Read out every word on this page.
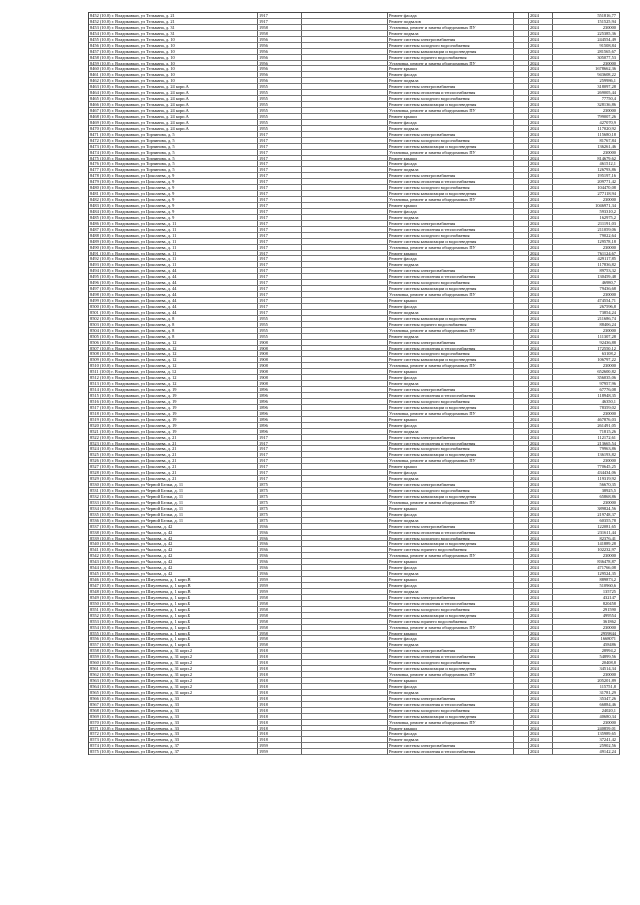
8452 (10.0) г. Владикавказ, ул Тельмана, д. 21	1917	Ремонт фасада	2024	551816,77
8452 (10.0) г. Владикавказ, ул Тельмана, д. 21	1917	Ремонт подвалов	2024	151525,94
8453 (10.0) г. Владикавказ, ул Тельмана, д. 31	1958	Установка, ремонт и замена общедомовых ПУ	2024	230000
8454 (10.0) г. Владикавказ, ул Тельмана, д. 31	1958	Ремонт подвала	2024	225385,36
8455 (10.0) г. Владикавказ, ул Тельмана, д. 10	1956	Ремонт системы электроснабжения	2024	244554,49
8456 (10.0) г. Владикавказ, ул Тельмана, д. 10	1956	Ремонт системы холодного водоснабжения	2024	91508,84
8457 (10.0) г. Владикавказ, ул Тельмана, д. 10	1956	Ремонт системы канализации и водоотведения	2024	281565,67
8458 (10.0) г. Владикавказ, ул Тельмана, д. 10	1956	Ремонт системы горячего водоснабжения	2024	305077,53
8459 (10.0) г. Владикавказ, ул Тельмана, д. 10	1956	Установка, ремонт и замена общедомовых ПУ	2024	230000
8460 (10.0) г. Владикавказ, ул Тельмана, д. 10	1956	Ремонт крыши	2024	1678662,36
8461 (10.0) г. Владикавказ, ул Тельмана, д. 10	1956	Ремонт фасада	2024	943608,22
8462 (10.0) г. Владикавказ, ул Тельмана, д. 10	1956	Ремонт подвала	2024	259986,1
8463 (10.0) г. Владикавказ, ул Тельмана, д. 24 корп.А	1955	Ремонт системы электроснабжения	2024	318097,28
8464 (10.0) г. Владикавказ, ул Тельмана, д. 24 корп.А	1955	Ремонт системы отопления и теплоснабжения	2024	269005,44
8465 (10.0) г. Владикавказ, ул Тельмана, д. 24 корп.А	1955	Ремонт системы холодного водоснабжения	2024	77750,4
8466 (10.0) г. Владикавказ, ул Тельмана, д. 24 корп.А	1955	Ремонт системы канализации и водоотведения	2024	328136,86
8467 (10.0) г. Владикавказ, ул Тельмана, д. 24 корп.А	1955	Установка, ремонт и замена общедомовых ПУ	2024	230000
8468 (10.0) г. Владикавказ, ул Тельмана, д. 24 корп.А	1955	Ремонт крыши	2024	799007,26
8469 (10.0) г. Владикавказ, ул Тельмана, д. 24 корп.А	1955	Ремонт фасада	2024	427070,9
8470 (10.0) г. Владикавказ, ул Тельмана, д. 24 корп.А	1955	Ремонт подвала	2024	117020,92
8471 (10.0) г. Владикавказ, ул Торчинова, д. 5	1917	Ремонт системы электроснабжения	2024	115680,18
8472 (10.0) г. Владикавказ, ул Торчинова, д. 5	1917	Ремонт системы холодного водоснабжения	2024	81767,84
8473 (10.0) г. Владикавказ, ул Торчинова, д. 5	1917	Ремонт системы канализации и водоотведения	2024	136261,46
8474 (10.0) г. Владикавказ, ул Торчинова, д. 5	1917	Установка, ремонт и замена общедомовых ПУ	2024	230000
8475 (10.0) г. Владикавказ, ул Торчинова, д. 5	1917	Ремонт крыши	2024	814679,62
8476 (10.0) г. Владикавказ, ул Торчинова, д. 5	1917	Ремонт фасада	2024	461512,1
8477 (10.0) г. Владикавказ, ул Торчинова, д. 5	1917	Ремонт подвала	2024	126793,86
8478 (10.0) г. Владикавказ, ул Цоколаева, д. 9	1917	Ремонт системы электроснабжения	2024	195197,16
8479 (10.0) г. Владикавказ, ул Цоколаева, д. 9	1917	Ремонт системы отопления и теплоснабжения	2024	209771,42
8480 (10.0) г. Владикавказ, ул Цоколаева, д. 9	1917	Ремонт системы холодного водоснабжения	2024	104470,08
8481 (10.0) г. Владикавказ, ул Цоколаева, д. 9	1917	Ремонт системы канализации и водоотведения	2024	277118,94
8482 (10.0) г. Владикавказ, ул Цоколаева, д. 9	1917	Установка, ремонт и замена общедомовых ПУ	2024	230000
8483 (10.0) г. Владикавказ, ул Цоколаева, д. 9	1917	Ремонт крыши	2024	1046971,34
8484 (10.0) г. Владикавказ, ул Цоколаева, д. 9	1917	Ремонт фасада	2024	593310,2
8485 (10.0) г. Владикавказ, ул Цоколаева, д. 9	1917	Ремонт подвала	2024	162975,2
8486 (10.0) г. Владикавказ, ул Цоколаева, д. 11	1917	Ремонт системы электроснабжения	2024	211191,03
8487 (10.0) г. Владикавказ, ул Цоколаева, д. 11	1917	Ремонт системы отопления и теплоснабжения	2024	211059,06
8488 (10.0) г. Владикавказ, ул Цоколаева, д. 11	1917	Ремонт системы холодного водоснабжения	2024	79022,64
8489 (10.0) г. Владикавказ, ул Цоколаева, д. 11	1917	Ремонт системы канализации и водоотведения	2024	129578,18
8490 (10.0) г. Владикавказ, ул Цоколаева, д. 11	1917	Установка, ремонт и замена общедомовых ПУ	2024	230000
8491 (10.0) г. Владикавказ, ул Цоколаева, д. 11	1917	Ремонт крыши	2024	761124,67
8492 (10.0) г. Владикавказ, ул Цоколаева, д. 11	1917	Ремонт фасада	2024	429117,85
8493 (10.0) г. Владикавказ, ул Цоколаева, д. 11	1917	Ремонт подвала	2024	117836,82
8494 (10.0) г. Владикавказ, ул Цоколаева, д. 44	1917	Ремонт системы электроснабжения	2024	89753,32
8495 (10.0) г. Владикавказ, ул Цоколаева, д. 44	1917	Ремонт системы отопления и теплоснабжения	2024	130459,48
8496 (10.0) г. Владикавказ, ул Цоколаева, д. 44	1917	Ремонт системы холодного водоснабжения	2024	46980,7
8497 (10.0) г. Владикавказ, ул Цоколаева, д. 44	1917	Ремонт системы канализации и водоотведения	2024	79436,68
8498 (10.0) г. Владикавказ, ул Цоколаева, д. 44	1917	Установка, ремонт и замена общедомовых ПУ	2024	230000
8499 (10.0) г. Владикавказ, ул Цоколаева, д. 44	1917	Ремонт крыши	2024	474554,71
8500 (10.0) г. Владикавказ, ул Цоколаева, д. 44	1917	Ремонт фасада	2024	267596,8
8501 (10.0) г. Владикавказ, ул Цоколаева, д. 44	1917	Ремонт подвала	2024	73854,24
8502 (10.0) г. Владикавказ, ул Цоколаева, д. 8	1955	Ремонт системы канализации и водоотведения	2024	211686,74
8503 (10.0) г. Владикавказ, ул Цоколаева, д. 8	1955	Ремонт системы горячего водоснабжения	2024	88406,24
8504 (10.0) г. Владикавказ, ул Цоколаева, д. 8	1955	Установка, ремонт и замена общедомовых ПУ	2024	230000
8505 (10.0) г. Владикавказ, ул Цоколаева, д. 8	1955	Ремонт подвала	2024	111307,28
8506 (10.0) г. Владикавказ, ул Цоколаева, д. 12	1908	Ремонт системы электроснабжения	2024	92436,88
8507 (10.0) г. Владикавказ, ул Цоколаева, д. 12	1908	Ремонт системы отопления и теплоснабжения	2024	172550,12
8508 (10.0) г. Владикавказ, ул Цоколаева, д. 12	1908	Ремонт системы холодного водоснабжения	2024	63108,2
8509 (10.0) г. Владикавказ, ул Цоколаева, д. 12	1908	Ремонт системы канализации и водоотведения	2024	106797,22
8510 (10.0) г. Владикавказ, ул Цоколаева, д. 12	1908	Установка, ремонт и замена общедомовых ПУ	2024	230000
8511 (10.0) г. Владикавказ, ул Цоколаева, д. 12	1908	Ремонт крыши	2024	652600,82
8512 (10.0) г. Владикавказ, ул Цоколаева, д. 12	1908	Ремонт фасада	2024	356035,06
8513 (10.0) г. Владикавказ, ул Цоколаева, д. 12	1908	Ремонт подвала	2024	97957,96
8514 (10.0) г. Владикавказ, ул Цоколаева, д. 19	1896	Ремонт системы электроснабжения	2024	67776,08
8515 (10.0) г. Владикавказ, ул Цоколаева, д. 19	1896	Ремонт системы отопления и теплоснабжения	2024	118948,35
8516 (10.0) г. Владикавказ, ул Цоколаева, д. 19	1896	Ремонт системы холодного водоснабжения	2024	46350,1
8517 (10.0) г. Владикавказ, ул Цоколаева, д. 19	1896	Ремонт системы канализации и водоотведения	2024	78359,02
8518 (10.0) г. Владикавказ, ул Цоколаева, д. 19	1896	Установка, ремонт и замена общедомовых ПУ	2024	230000
8519 (10.0) г. Владикавказ, ул Цоколаева, д. 19	1896	Ремонт крыши	2024	467876,03
8520 (10.0) г. Владикавказ, ул Цоколаева, д. 19	1896	Ремонт фасада	2024	261491,05
8521 (10.0) г. Владикавказ, ул Цоколаева, д. 19	1896	Ремонт подвала	2024	71815,26
8522 (10.0) г. Владикавказ, ул Цоколаева, д. 21	1917	Ремонт системы электроснабжения	2024	112172,61
8523 (10.0) г. Владикавказ, ул Цоколаева, д. 21	1917	Ремонт системы отопления и теплоснабжения	2024	213665,54
8524 (10.0) г. Владикавказ, ул Цоколаева, д. 21	1917	Ремонт системы холодного водоснабжения	2024	79963,86
8525 (10.0) г. Владикавказ, ул Цоколаева, д. 21	1917	Ремонт системы канализации и водоотведения	2024	136193,82
8526 (10.0) г. Владикавказ, ул Цоколаева, д. 21	1917	Установка, ремонт и замена общедомовых ПУ	2024	230000
8527 (10.0) г. Владикавказ, ул Цоколаева, д. 21	1917	Ремонт крыши	2024	770645,25
8528 (10.0) г. Владикавказ, ул Цоколаева, д. 21	1917	Ремонт фасада	2024	434434,06
8529 (10.0) г. Владикавказ, ул Цоколаева, д. 21	1917	Ремонт подвала	2024	119319,92
8530 (10.0) г. Владикавказ, ул Черной Белки, д. 11	1875	Ремонт системы электроснабжения	2024	56670,35
8531 (10.0) г. Владикавказ, ул Черной Белки, д. 11	1875	Ремонт системы холодного водоснабжения	2024	38925,5
8532 (10.0) г. Владикавказ, ул Черной Белки, д. 11	1875	Ремонт системы канализации и водоотведения	2024	65868,86
8533 (10.0) г. Владикавказ, ул Черной Белки, д. 11	1875	Установка, ремонт и замена общедомовых ПУ	2024	230000
8534 (10.0) г. Владикавказ, ул Черной Белки, д. 11	1875	Ремонт крыши	2024	389824,56
8535 (10.0) г. Владикавказ, ул Черной Белки, д. 11	1875	Ремонт фасада	2024	219748,37
8536 (10.0) г. Владикавказ, ул Черной Белки, д. 11	1875	Ремонт подвала	2024	60355,78
8537 (10.0) г. Владикавказ, ул Чкалова, д. 42	1936	Ремонт системы электроснабжения	2024	122081,65
8538 (10.0) г. Владикавказ, ул Чкалова, д. 42	1936	Ремонт системы отопления и теплоснабжения	2024	231611,44
8539 (10.0) г. Владикавказ, ул Чкалова, д. 42	1936	Ремонт системы холодного водоснабжения	2024	82376,41
8540 (10.0) г. Владикавказ, ул Чкалова, д. 42	1936	Ремонт системы канализации и водоотведения	2024	141889,28
8541 (10.0) г. Владикавказ, ул Чкалова, д. 42	1936	Ремонт системы горячего водоснабжения	2024	102232,97
8542 (10.0) г. Владикавказ, ул Чкалова, д. 42	1936	Установка, ремонт и замена общедомовых ПУ	2024	230000
8543 (10.0) г. Владикавказ, ул Чкалова, д. 42	1936	Ремонт крыши	2024	836478,87
8544 (10.0) г. Владикавказ, ул Чкалова, д. 42	1936	Ремонт фасада	2024	471766,08
8545 (10.0) г. Владикавказ, ул Чкалова, д. 42	1936	Ремонт подвала	2024	129524,35
8546 (10.0) г. Владикавказ, ул Шмулевича, д. 1 корп.В	1959	Ремонт крыши	2024	889873,2
8547 (10.0) г. Владикавказ, ул Шмулевича, д. 1 корп.В	1959	Ремонт фасада	2024	510960,6
8548 (10.0) г. Владикавказ, ул Шмулевича, д. 1 корп.В	1959	Ремонт подвала	2024	135725
8549 (10.0) г. Владикавказ, ул Шмулевича, д. 1 корп.Б	1958	Ремонт системы электроснабжения	2024	432147
8550 (10.0) г. Владикавказ, ул Шмулевича, д. 1 корп.Б	1958	Ремонт системы отопления и теплоснабжения	2024	820458
8551 (10.0) г. Владикавказ, ул Шмулевича, д. 1 корп.Б	1958	Ремонт системы холодного водоснабжения	2024	291590
8552 (10.0) г. Владикавказ, ул Шмулевича, д. 1 корп.Б	1958	Ремонт системы канализации и водоотведения	2024	499554
8553 (10.0) г. Владикавказ, ул Шмулевича, д. 1 корп.Б	1958	Ремонт системы горячего водоснабжения	2024	361862
8554 (10.0) г. Владикавказ, ул Шмулевича, д. 1 корп.Б	1958	Установка, ремонт и замена общедомовых ПУ	2024	230000
8555 (10.0) г. Владикавказ, ул Шмулевича, д. 1 корп.Б	1958	Ремонт крыши	2024	2959844
8556 (10.0) г. Владикавказ, ул Шмулевича, д. 1 корп.Б	1958	Ремонт фасада	2024	1668071
8557 (10.0) г. Владикавказ, ул Шмулевича, д. 1 корп.Б	1958	Ремонт подвала	2024	458486
8558 (10.0) г. Владикавказ, ул Шмулевича, д. 31 корп.2	1918	Ремонт системы электроснабжения	2024	28994,2
8559 (10.0) г. Владикавказ, ул Шмулевича, д. 31 корп.2	1918	Ремонт системы отопления и теплоснабжения	2024	54899,56
8560 (10.0) г. Владикавказ, ул Шмулевича, д. 31 корп.2	1918	Ремонт системы холодного водоснабжения	2024	20408,8
8561 (10.0) г. Владикавказ, ул Шмулевича, д. 31 корп.2	1918	Ремонт системы канализации и водоотведения	2024	34514,34
8562 (10.0) г. Владикавказ, ул Шмулевича, д. 31 корп.2	1918	Установка, ремонт и замена общедомовых ПУ	2024	230000
8563 (10.0) г. Владикавказ, ул Шмулевича, д. 31 корп.2	1918	Ремонт крыши	2024	205201,89
8564 (10.0) г. Владикавказ, ул Шмулевича, д. 31 корп.2	1918	Ремонт фасада	2024	115751,8
8565 (10.0) г. Владикавказ, ул Шмулевича, д. 31 корп.2	1918	Ремонт подвала	2024	31781,29
8566 (10.0) г. Владикавказ, ул Шмулевича, д. 33	1918	Ремонт системы электроснабжения	2024	35347,26
8567 (10.0) г. Владикавказ, ул Шмулевича, д. 33	1918	Ремонт системы отопления и теплоснабжения	2024	66884,46
8568 (10.0) г. Владикавказ, ул Шмулевича, д. 33	1918	Ремонт системы холодного водоснабжения	2024	24020,1
8569 (10.0) г. Владикавказ, ул Шмулевича, д. 33	1918	Ремонт системы канализации и водоотведения	2024	40680,34
8570 (10.0) г. Владикавказ, ул Шмулевича, д. 33	1918	Установка, ремонт и замена общедомовых ПУ	2024	230000
8571 (10.0) г. Владикавказ, ул Шмулевича, д. 33	1918	Ремонт крыши	2024	240859,01
8572 (10.0) г. Владикавказ, ул Шмулевича, д. 33	1918	Ремонт фасада	2024	135989,65
8573 (10.0) г. Владикавказ, ул Шмулевича, д. 33	1918	Ремонт подвала	2024	37241,42
8574 (10.0) г. Владикавказ, ул Шмулевича, д. 37	1959	Ремонт системы электроснабжения	2024	25902,56
8575 (10.0) г. Владикавказ, ул Шмулевича, д. 37	1959	Ремонт системы отопления и теплоснабжения	2024	49142,24
